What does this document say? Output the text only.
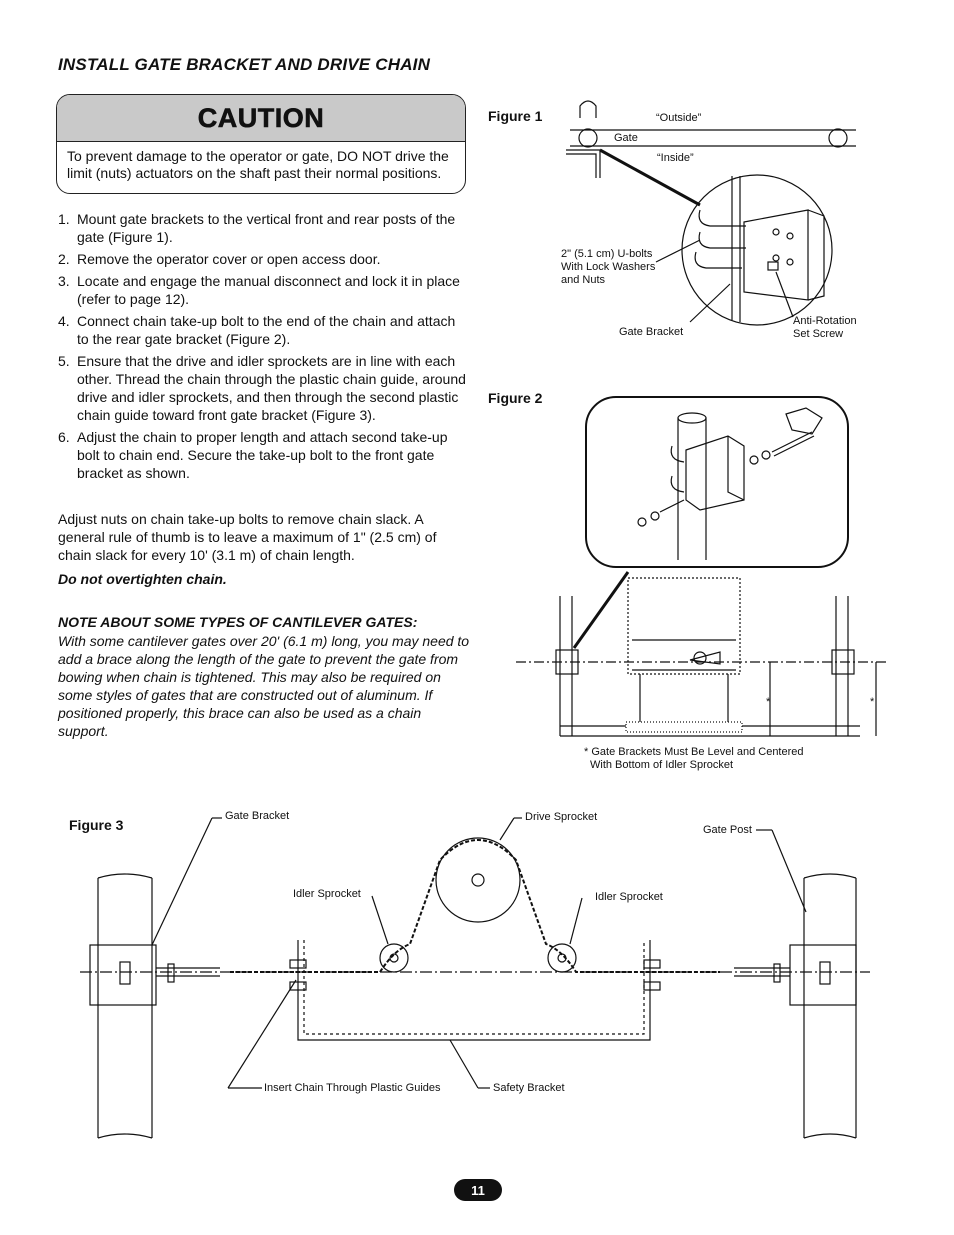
INSTALL GATE BRACKET AND DRIVE CHAIN
CAUTION
To prevent damage to the operator or gate, DO NOT drive the
limit (nuts) actuators on the shaft past their normal positions.
1. Mount gate brackets to the vertical front and rear posts of the gate (Figure 1).
2. Remove the operator cover or open access door.
3. Locate and engage the manual disconnect and lock it in place (refer to page 12).
4. Connect chain take-up bolt to the end of the chain and attach to the rear gate bracket (Figure 2).
5. Ensure that the drive and idler sprockets are in line with each other. Thread the chain through the plastic chain guide, around drive and idler sprockets, and then through the second plastic chain guide toward front gate bracket (Figure 3).
6. Adjust the chain to proper length and attach second take-up bolt to chain end. Secure the take-up bolt to the front gate bracket as shown.
Adjust nuts on chain take-up bolts to remove chain slack. A general rule of thumb is to leave a maximum of 1" (2.5 cm) of chain slack for every 10' (3.1 m) of chain length.
Do not overtighten chain.
NOTE ABOUT SOME TYPES OF CANTILEVER GATES:
With some cantilever gates over 20' (6.1 m) long, you may need to add a brace along the length of the gate to prevent the gate from bowing when chain is tightened. This may also be required on some styles of gates that are constructed out of aluminum. If positioned properly, this brace can also be used as a chain support.
Figure 1	“Outside”
Gate
“Inside”
2" (5.1 cm) U-bolts
With Lock Washers
and Nuts
Gate Bracket
Anti-Rotation
Set Screw
Figure 2
*	*
* Gate Brackets Must Be Level and Centered
With Bottom of Idler Sprocket
Figure 3
Gate Bracket	Drive Sprocket
Gate Post
Idler Sprocket	Idler Sprocket
Insert Chain Through Plastic Guides	Safety Bracket
11
